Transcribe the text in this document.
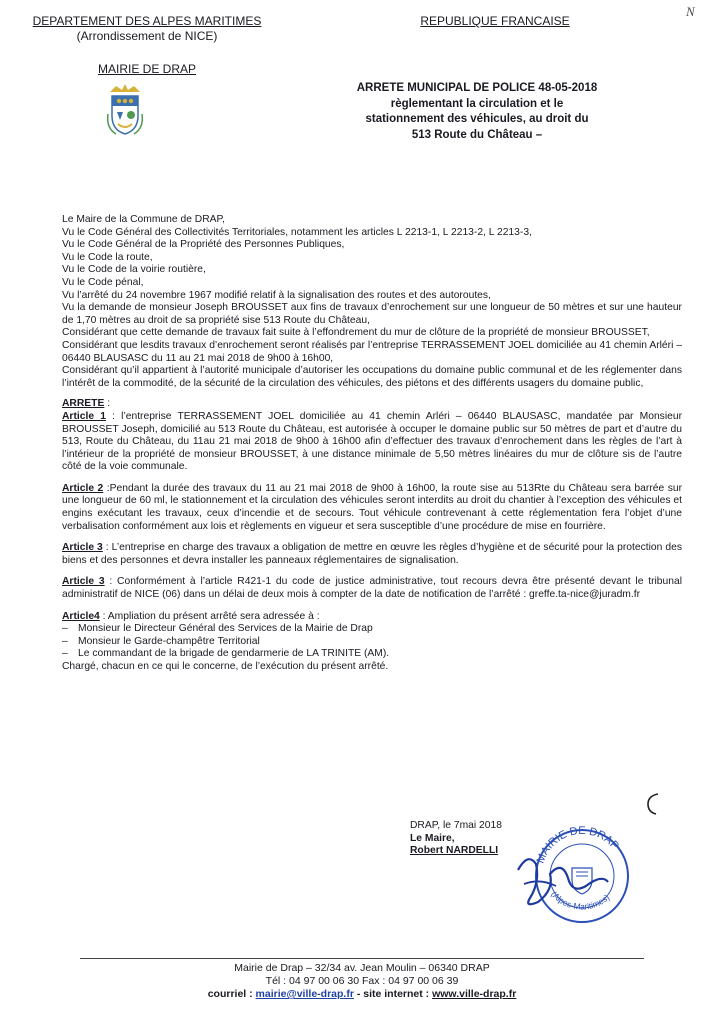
DEPARTEMENT DES ALPES MARITIMES
(Arrondissement de NICE)
MAIRIE DE DRAP
REPUBLIQUE FRANCAISE
N
ARRETE MUNICIPAL DE POLICE 48-05-2018
règlementant la circulation et le
stationnement des véhicules, au droit du
513 Route du Château –

Le Maire de la Commune de DRAP,

Vu le Code Général des Collectivités Territoriales, notamment les articles L 2213-1, L 2213-2, L 2213-3,

Vu le Code Général de la Propriété des Personnes Publiques,

Vu le Code la route,

Vu le Code de la voirie routière,

Vu le Code pénal,

Vu l’arrêté du 24 novembre 1967 modifié relatif à la signalisation des routes et des autoroutes,

Vu la demande de monsieur Joseph BROUSSET aux fins de travaux d’enrochement sur une longueur de 50 mètres et sur une hauteur de 1,70 mètres au droit de sa propriété sise 513 Route du Château,

Considérant que cette demande de travaux fait suite à l’effondrement du mur de clôture de la propriété de monsieur BROUSSET,

Considérant que lesdits travaux d’enrochement seront réalisés par l’entreprise TERRASSEMENT JOEL domiciliée au 41 chemin Arléri – 06440 BLAUSASC du 11 au 21 mai 2018 de 9h00 à 16h00,

Considérant qu’il appartient à l’autorité municipale d’autoriser les occupations du domaine public communal et de les réglementer dans l’intérêt de la commodité, de la sécurité de la circulation des véhicules, des piétons et des différents usagers du domaine public,

ARRETE :

Article 1 : l’entreprise TERRASSEMENT JOEL domiciliée au 41 chemin Arléri – 06440 BLAUSASC, mandatée par Monsieur BROUSSET Joseph, domicilié au 513 Route du Château, est autorisée à occuper le domaine public sur 50 mètres de part et d’autre du 513, Route du Château, du 11au 21 mai 2018 de 9h00 à 16h00 afin d’effectuer des travaux d’enrochement dans les règles de l’art à l’intérieur de la propriété de monsieur BROUSSET, à une distance minimale de 5,50 mètres linéaires du mur de clôture sis de l’autre côté de la voie communale.

Article 2 :Pendant la durée des travaux du 11 au 21 mai 2018 de 9h00 à 16h00, la route sise au 513Rte du Château sera barrée sur une longueur de 60 ml, le stationnement et la circulation des véhicules seront interdits au droit du chantier à l’exception des véhicules et engins exécutant les travaux, ceux d’incendie et de secours. Tout véhicule contrevenant à cette réglementation fera l’objet d’une verbalisation conformément aux lois et règlements en vigueur et sera susceptible d’une procédure de mise en fourrière.

Article 3 : L’entreprise en charge des travaux a obligation de mettre en œuvre les règles d’hygiène et de sécurité pour la protection des biens et des personnes et devra installer les panneaux réglementaires de signalisation.

Article 3 : Conformément à l’article R421-1 du code de justice administrative, tout recours devra être présenté devant le tribunal administratif de NICE (06) dans un délai de deux mois à compter de la date de notification de l’arrêté : greffe.ta-nice@juradm.fr

Article4 : Ampliation du présent arrêté sera adressée à :

– Monsieur le Directeur Général des Services de la Mairie de Drap
– Monsieur le Garde-champêtre Territorial
– Le commandant de la brigade de gendarmerie de LA TRINITE (AM).

Chargé, chacun en ce qui le concerne, de l’exécution du présent arrêté.

DRAP, le 7mai 2018
Le Maire,
Robert NARDELLI
MAIRIE DE DRAP
(Alpes-Maritimes)
Mairie de Drap – 32/34 av. Jean Moulin – 06340 DRAP
Tél : 04 97 00 06 30 Fax : 04 97 00 06 39
courriel : mairie@ville-drap.fr - site internet : www.ville-drap.fr
